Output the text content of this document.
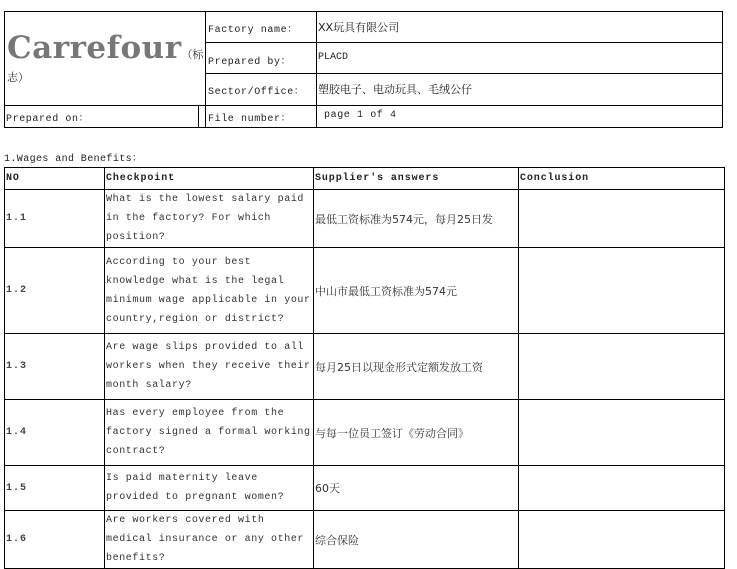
Carrefour（标
志）
Factory name： XX玩具有限公司
Prepared by：	PLACD
Sector/Office： 塑胶电子、电动玩具、毛绒公仔
Prepared on：	File number：	page 1 of 4
1.Wages and Benefits：
NO	Checkpoint	Supplier's answers	Conclusion
1.1	What is the lowest salary paid in the factory? For which position?	最低工资标准为574元，每月25日发	
1.2	According to your best knowledge what is the legal minimum wage applicable in your country,region or district?	中山市最低工资标准为574元	
1.3	Are wage slips provided to all workers when they receive their month salary?	每月25日以现金形式定额发放工资	
1.4	Has every employee from the factory signed a formal working contract?	与每一位员工签订《劳动合同》	
1.5	Is paid maternity leave provided to pregnant women?	60天	
1.6	Are workers covered with medical insurance or any other benefits?	综合保险	
